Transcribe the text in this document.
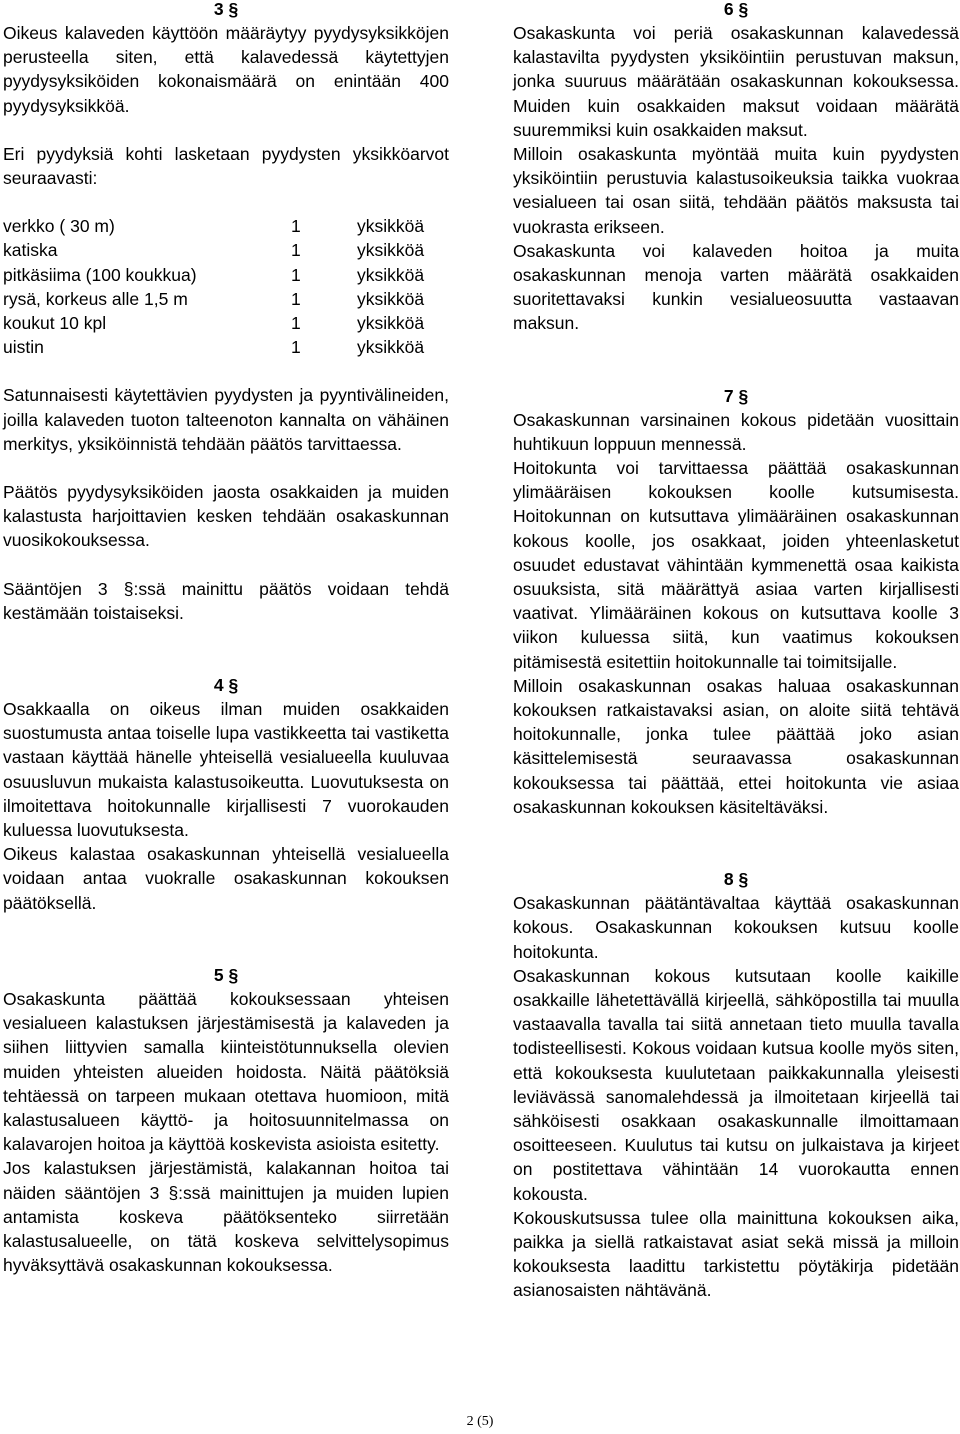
3 §

Oikeus kalaveden käyttöön määräytyy pyydysyksikköjen perusteella siten, että kalavedessä käytettyjen pyydysyksiköiden kokonaismäärä on enintään 400 pyydysyksikköä.

Eri pyydyksiä kohti lasketaan pyydysten yksikköarvot seuraavasti:

verkko ( 30 m)	1	yksikköä
katiska	1	yksikköä
pitkäsiima (100 koukkua)	1	yksikköä
rysä, korkeus alle 1,5 m	1	yksikköä
koukut 10 kpl	1	yksikköä
uistin	1	yksikköä

Satunnaisesti käytettävien pyydysten ja pyyntivälineiden, joilla kalaveden tuoton talteenoton kannalta on vähäinen merkitys, yksiköinnistä tehdään päätös tarvittaessa.

Päätös pyydysyksiköiden jaosta osakkaiden ja muiden kalastusta harjoittavien kesken tehdään osakaskunnan vuosikokouksessa.

Sääntöjen 3 §:ssä mainittu päätös voidaan tehdä kestämään toistaiseksi.

4 §

Osakkaalla on oikeus ilman muiden osakkaiden suostumusta antaa toiselle lupa vastikkeetta tai vastiketta vastaan käyttää hänelle yhteisellä vesialueella kuuluvaa osuusluvun mukaista kalastusoikeutta. Luovutuksesta on ilmoitettava hoitokunnalle kirjallisesti 7 vuorokauden kuluessa luovutuksesta.

Oikeus kalastaa osakaskunnan yhteisellä vesialueella voidaan antaa vuokralle osakaskunnan kokouksen päätöksellä.

5 §

Osakaskunta päättää kokouksessaan yhteisen vesialueen kalastuksen järjestämisestä ja kalaveden ja siihen liittyvien samalla kiinteistötunnuksella olevien muiden yhteisten alueiden hoidosta. Näitä päätöksiä tehtäessä on tarpeen mukaan otettava huomioon, mitä kalastusalueen käyttö- ja hoitosuunnitelmassa on kalavarojen hoitoa ja käyttöä koskevista asioista esitetty.

Jos kalastuksen järjestämistä, kalakannan hoitoa tai näiden sääntöjen 3 §:ssä mainittujen ja muiden lupien antamista koskeva päätöksenteko siirretään kalastusalueelle, on tätä koskeva selvittelysopimus hyväksyttävä osakaskunnan kokouksessa.

6 §

Osakaskunta voi periä osakaskunnan kalavedessä kalastavilta pyydysten yksiköintiin perustuvan maksun, jonka suuruus määrätään osakaskunnan kokouksessa. Muiden kuin osakkaiden maksut voidaan määrätä suuremmiksi kuin osakkaiden maksut.

Milloin osakaskunta myöntää muita kuin pyydysten yksiköintiin perustuvia kalastusoikeuksia taikka vuokraa vesialueen tai osan siitä, tehdään päätös maksusta tai vuokrasta erikseen.

Osakaskunta voi kalaveden hoitoa ja muita osakaskunnan menoja varten määrätä osakkaiden suoritettavaksi kunkin vesialueosuutta vastaavan maksun.

7 §

Osakaskunnan varsinainen kokous pidetään vuosittain huhtikuun loppuun mennessä.

Hoitokunta voi tarvittaessa päättää osakaskunnan ylimääräisen kokouksen koolle kutsumisesta. Hoitokunnan on kutsuttava ylimääräinen osakaskunnan kokous koolle, jos osakkaat, joiden yhteenlasketut osuudet edustavat vähintään kymmenettä osaa kaikista osuuksista, sitä määrättyä asiaa varten kirjallisesti vaativat. Ylimääräinen kokous on kutsuttava koolle 3 viikon kuluessa siitä, kun vaatimus kokouksen pitämisestä esitettiin hoitokunnalle tai toimitsijalle.

Milloin osakaskunnan osakas haluaa osakaskunnan kokouksen ratkaistavaksi asian, on aloite siitä tehtävä hoitokunnalle, jonka tulee päättää joko asian käsittelemisestä seuraavassa osakaskunnan kokouksessa tai päättää, ettei hoitokunta vie asiaa osakaskunnan kokouksen käsiteltäväksi.

8 §

Osakaskunnan päätäntävaltaa käyttää osakaskunnan kokous. Osakaskunnan kokouksen kutsuu koolle hoitokunta.

Osakaskunnan kokous kutsutaan koolle kaikille osakkaille lähetettävällä kirjeellä, sähköpostilla tai muulla vastaavalla tavalla tai siitä annetaan tieto muulla tavalla todisteellisesti. Kokous voidaan kutsua koolle myös siten, että kokouksesta kuulutetaan paikkakunnalla yleisesti leviävässä sanomalehdessä ja ilmoitetaan kirjeellä tai sähköisesti osakkaan osakaskunnalle ilmoittamaan osoitteeseen. Kuulutus tai kutsu on julkaistava ja kirjeet on postitettava vähintään 14 vuorokautta ennen kokousta.

Kokouskutsussa tulee olla mainittuna kokouksen aika, paikka ja siellä ratkaistavat asiat sekä missä ja milloin kokouksesta laadittu tarkistettu pöytäkirja pidetään asianosaisten nähtävänä.

2 (5)
